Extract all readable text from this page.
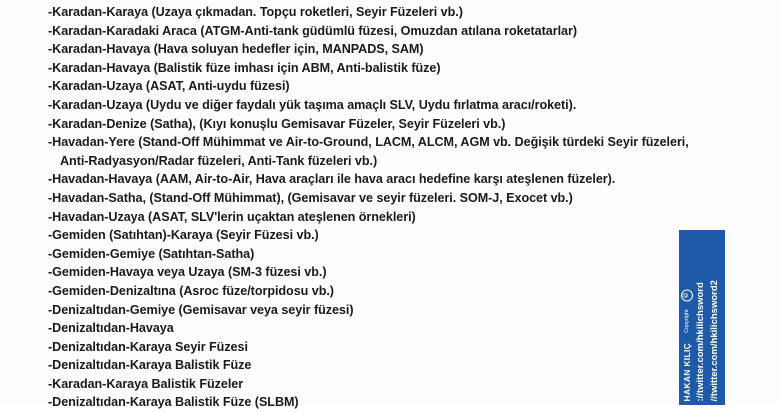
-Karadan-Karaya (Uzaya çıkmadan. Topçu roketleri, Seyir Füzeleri vb.)
-Karadan-Karadaki Araca (ATGM-Anti-tank güdümlü füzesi, Omuzdan atılana roketatarlar)
-Karadan-Havaya (Hava soluyan hedefler için, MANPADS, SAM)
-Karadan-Havaya (Balistik füze imhası için ABM, Anti-balistik füze)
-Karadan-Uzaya (ASAT, Anti-uydu füzesi)
-Karadan-Uzaya (Uydu ve diğer faydalı yük taşıma amaçlı SLV, Uydu fırlatma aracı/roketi).
-Karadan-Denize (Satha), (Kıyı konuşlu Gemisavar Füzeler, Seyir Füzeleri vb.)
-Havadan-Yere (Stand-Off Mühimmat ve Air-to-Ground, LACM, ALCM, AGM vb. Değişik türdeki Seyir füzeleri,
Anti-Radyasyon/Radar füzeleri, Anti-Tank füzeleri vb.)
-Havadan-Havaya (AAM, Air-to-Air, Hava araçları ile hava aracı hedefine karşı ateşlenen füzeler).
-Havadan-Satha, (Stand-Off Mühimmat), (Gemisavar ve seyir füzeleri. SOM-J, Exocet vb.)
-Havadan-Uzaya (ASAT, SLV'lerin uçaktan ateşlenen örnekleri)
-Gemiden (Satıhtan)-Karaya (Seyir Füzesi vb.)
-Gemiden-Gemiye (Satıhtan-Satha)
-Gemiden-Havaya veya Uzaya (SM-3 füzesi vb.)
-Gemiden-Denizaltına (Asroc füze/torpidosu vb.)
-Denizaltıdan-Gemiye (Gemisavar veya seyir füzesi)
-Denizaltıdan-Havaya
-Denizaltıdan-Karaya Seyir Füzesi
-Denizaltıdan-Karaya Balistik Füze
-Karadan-Karaya Balistik Füzeler
-Denizaltıdan-Karaya Balistik Füze (SLBM)
HAKAN KILIÇ
Copyright
© ://twitter.com/hkilichsword //twitter.com/hkilichsword2
